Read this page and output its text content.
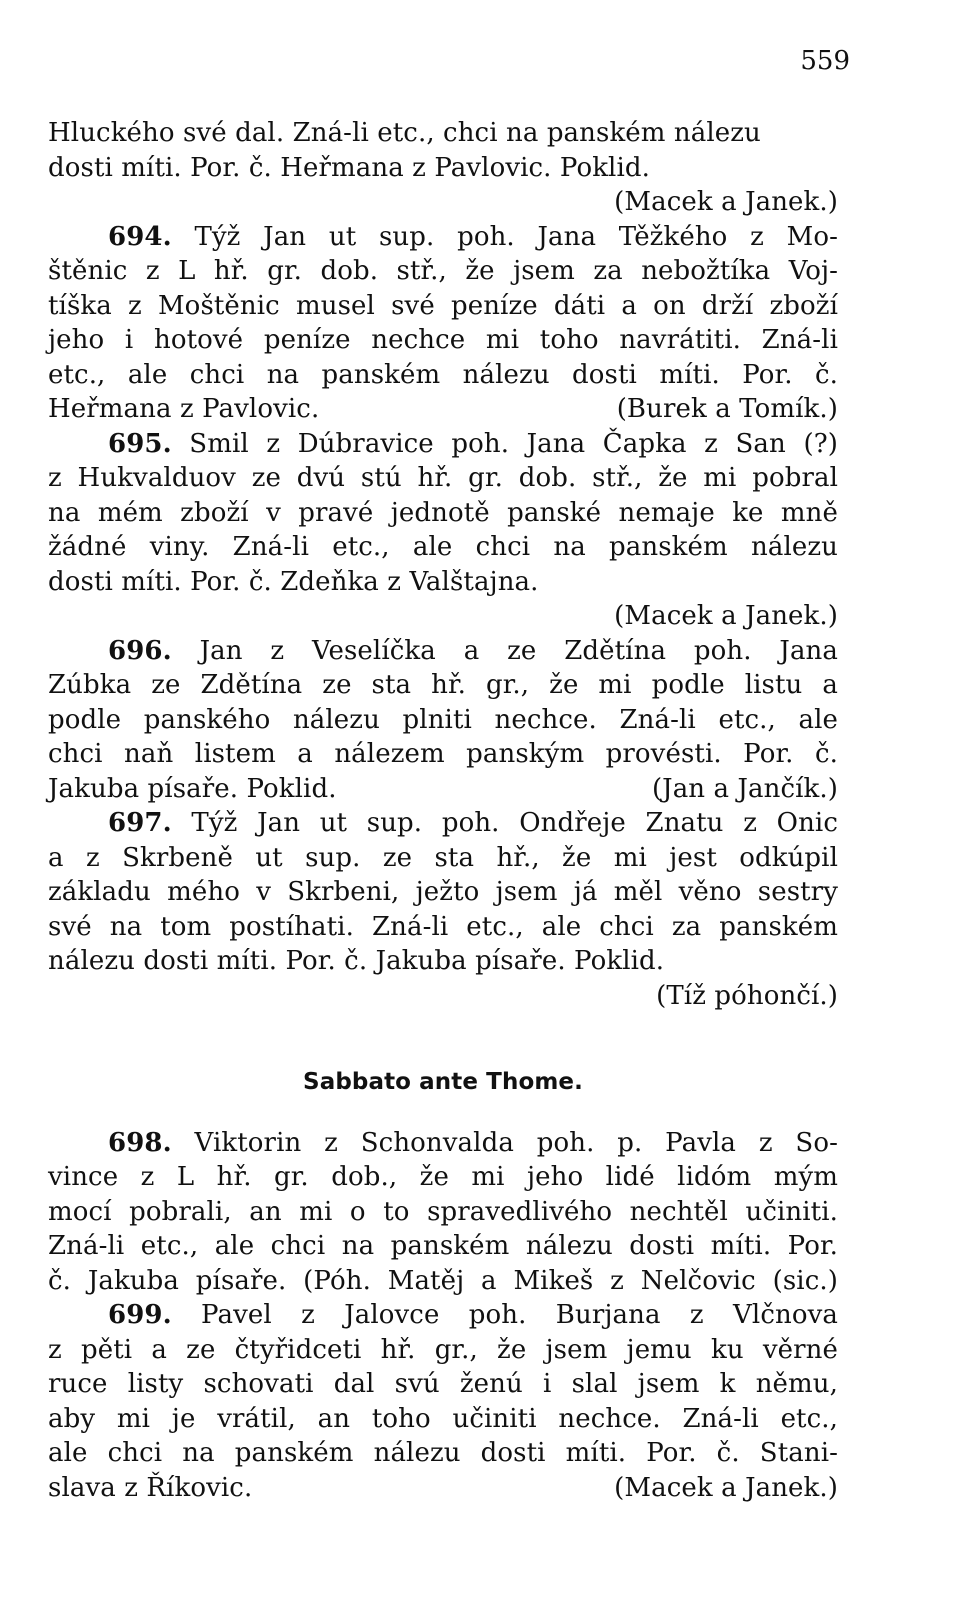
559
Hluckého své dal. Zná-li etc., chci na panském nálezu
dosti míti. Por. č. Heřmana z Pavlovic. Poklid.
(Macek a Janek.)
694. Týž Jan ut sup. poh. Jana Těžkého z Mo-
štěnic z L hř. gr. dob. stř., že jsem za nebožtíka Voj-
tíška z Moštěnic musel své peníze dáti a on drží zboží
jeho i hotové peníze nechce mi toho navrátiti. Zná-li
etc., ale chci na panském nálezu dosti míti. Por. č.
Heřmana z Pavlovic.	(Burek a Tomík.)
695. Smil z Dúbravice poh. Jana Čapka z San (?)
z Hukvalduov ze dvú stú hř. gr. dob. stř., že mi pobral
na mém zboží v pravé jednotě panské nemaje ke mně
žádné viny. Zná-li etc., ale chci na panském nálezu
dosti míti. Por. č. Zdeňka z Valštajna.
(Macek a Janek.)
696. Jan z Veselíčka a ze Zdětína poh. Jana
Zúbka ze Zdětína ze sta hř. gr., že mi podle listu a
podle panského nálezu plniti nechce. Zná-li etc., ale
chci naň listem a nálezem panským provésti. Por. č.
Jakuba písaře. Poklid.	(Jan a Jančík.)
697. Týž Jan ut sup. poh. Ondřeje Znatu z Onic
a z Skrbeně ut sup. ze sta hř., že mi jest odkúpil
základu mého v Skrbeni, ježto jsem já měl věno sestry
své na tom postíhati. Zná-li etc., ale chci za panském
nálezu dosti míti. Por. č. Jakuba písaře. Poklid.
(Tíž póhončí.)
Sabbato ante Thome.
698. Viktorin z Schonvalda poh. p. Pavla z So-
vince z L hř. gr. dob., že mi jeho lidé lidóm mým
mocí pobrali, an mi o to spravedlivého nechtěl učiniti.
Zná-li etc., ale chci na panském nálezu dosti míti. Por.
č. Jakuba písaře. (Póh. Matěj a Mikeš z Nelčovic (sic.)
699. Pavel z Jalovce poh. Burjana z Vlčnova
z pěti a ze čtyřidceti hř. gr., že jsem jemu ku věrné
ruce listy schovati dal svú ženú i slal jsem k němu,
aby mi je vrátil, an toho učiniti nechce. Zná-li etc.,
ale chci na panském nálezu dosti míti. Por. č. Stani-
slava z Říkovic.	(Macek a Janek.)
